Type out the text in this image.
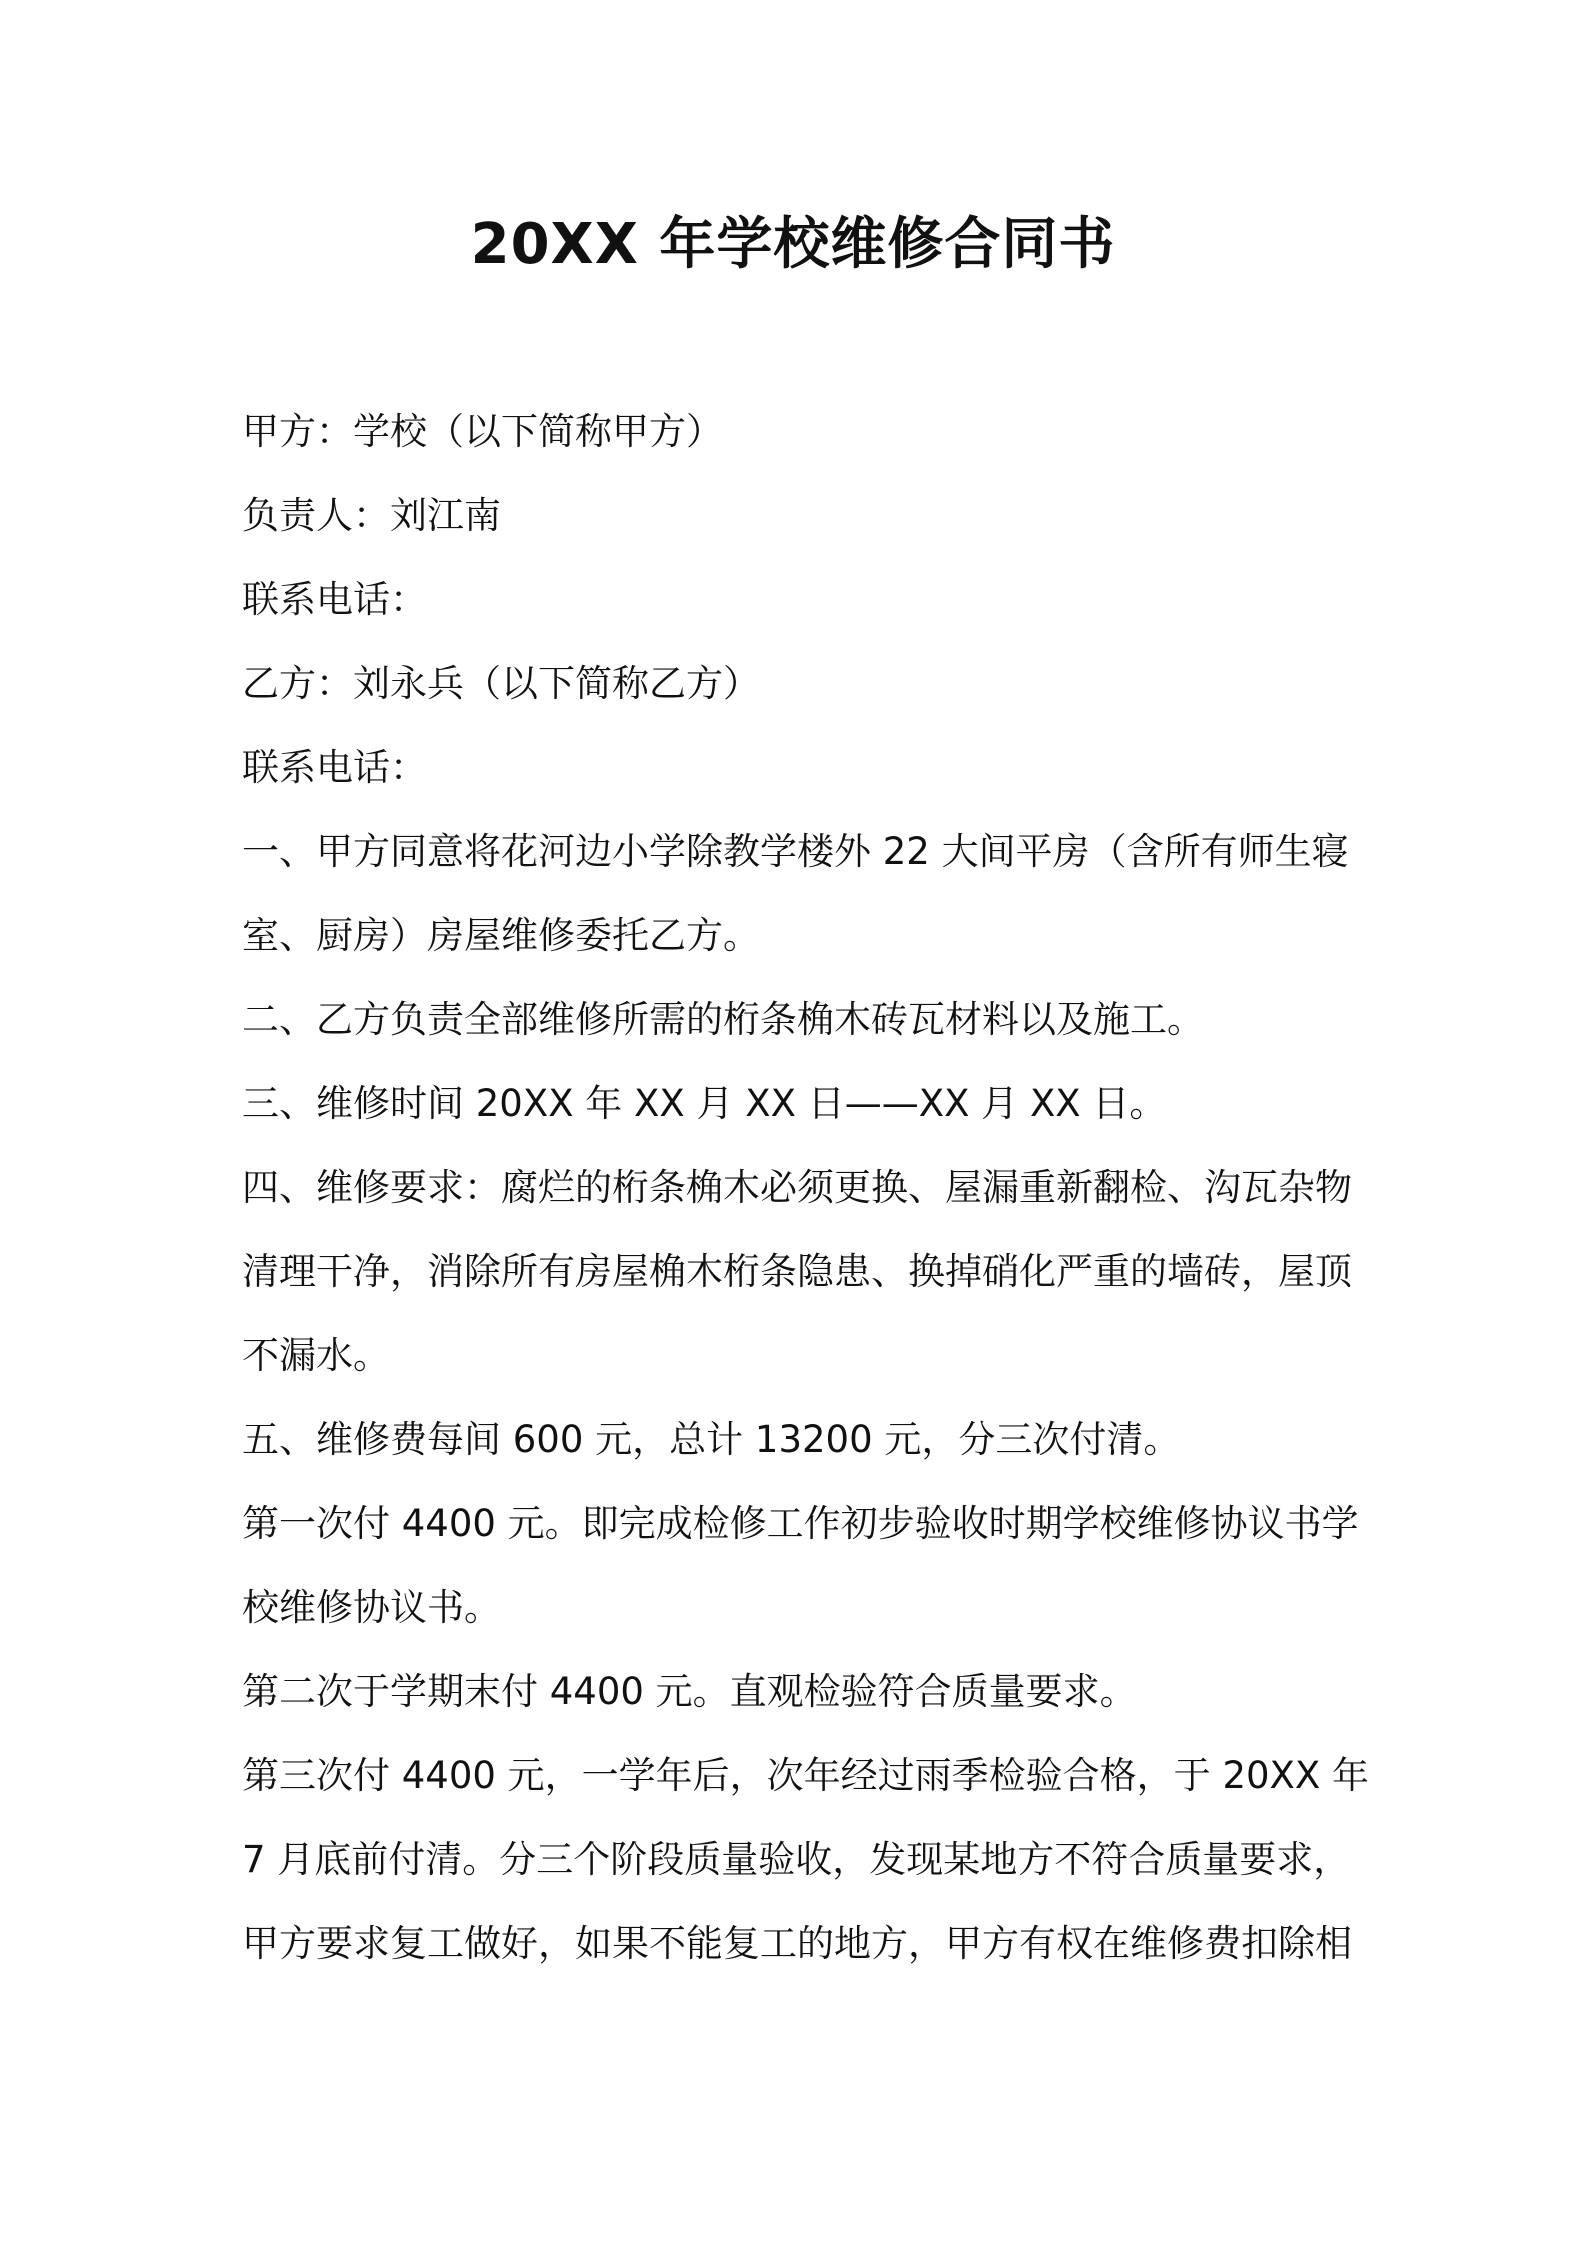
20XX 年学校维修合同书
甲方：学校（以下简称甲方）
负责人：刘江南
联系电话：
乙方：刘永兵（以下简称乙方）
联系电话：
一、甲方同意将花河边小学除教学楼外 22 大间平房（含所有师生寝
室、厨房）房屋维修委托乙方。
二、乙方负责全部维修所需的桁条桷木砖瓦材料以及施工。
三、维修时间 20XX 年 XX 月 XX 日——XX 月 XX 日。
四、维修要求：腐烂的桁条桷木必须更换、屋漏重新翻检、沟瓦杂物
清理干净，消除所有房屋桷木桁条隐患、换掉硝化严重的墙砖，屋顶
不漏水。
五、维修费每间 600 元，总计 13200 元，分三次付清。
第一次付 4400 元。即完成检修工作初步验收时期学校维修协议书学
校维修协议书。
第二次于学期末付 4400 元。直观检验符合质量要求。
第三次付 4400 元，一学年后，次年经过雨季检验合格，于 20XX 年
7 月底前付清。分三个阶段质量验收，发现某地方不符合质量要求，
甲方要求复工做好，如果不能复工的地方，甲方有权在维修费扣除相
